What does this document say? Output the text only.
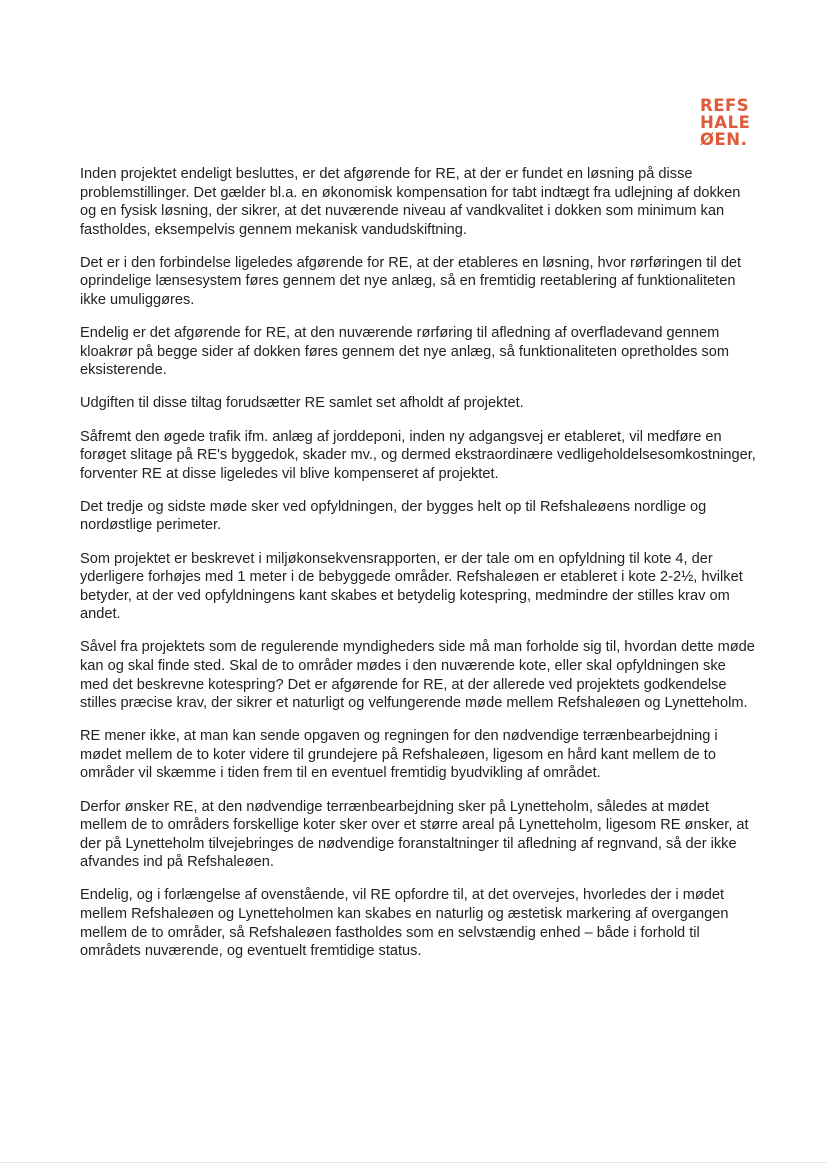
REFS
HALE
ØEN.

Inden projektet endeligt besluttes, er det afgørende for RE, at der er fundet en løsning på disse problemstillinger. Det gælder bl.a. en økonomisk kompensation for tabt indtægt fra udlejning af dokken og en fysisk løsning, der sikrer, at det nuværende niveau af vandkvalitet i dokken som minimum kan fastholdes, eksempelvis gennem mekanisk vandudskiftning.

Det er i den forbindelse ligeledes afgørende for RE, at der etableres en løsning, hvor rørføringen til det oprindelige lænsesystem føres gennem det nye anlæg, så en fremtidig reetablering af funktionaliteten ikke umuliggøres.

Endelig er det afgørende for RE, at den nuværende rørføring til afledning af overfladevand gennem kloakrør på begge sider af dokken føres gennem det nye anlæg, så funktionaliteten opretholdes som eksisterende.

Udgiften til disse tiltag forudsætter RE samlet set afholdt af projektet.

Såfremt den øgede trafik ifm. anlæg af jorddeponi, inden ny adgangsvej er etableret, vil medføre en forøget slitage på RE's byggedok, skader mv., og dermed ekstraordinære vedligeholdelsesomkostninger, forventer RE at disse ligeledes vil blive kompenseret af projektet.

Det tredje og sidste møde sker ved opfyldningen, der bygges helt op til Refshaleøens nordlige og nordøstlige perimeter.

Som projektet er beskrevet i miljøkonsekvensrapporten, er der tale om en opfyldning til kote 4, der yderligere forhøjes med 1 meter i de bebyggede områder. Refshaleøen er etableret i kote 2-2½, hvilket betyder, at der ved opfyldningens kant skabes et betydelig kotespring, medmindre der stilles krav om andet.

Såvel fra projektets som de regulerende myndigheders side må man forholde sig til, hvordan dette møde kan og skal finde sted. Skal de to områder mødes i den nuværende kote, eller skal opfyldningen ske med det beskrevne kotespring? Det er afgørende for RE, at der allerede ved projektets godkendelse stilles præcise krav, der sikrer et naturligt og velfungerende møde mellem Refshaleøen og Lynetteholm.

RE mener ikke, at man kan sende opgaven og regningen for den nødvendige terrænbearbejdning i mødet mellem de to koter videre til grundejere på Refshaleøen, ligesom en hård kant mellem de to områder vil skæmme i tiden frem til en eventuel fremtidig byudvikling af området.

Derfor ønsker RE, at den nødvendige terrænbearbejdning sker på Lynetteholm, således at mødet mellem de to områders forskellige koter sker over et større areal på Lynetteholm, ligesom RE ønsker, at der på Lynetteholm tilvejebringes de nødvendige foranstaltninger til afledning af regnvand, så der ikke afvandes ind på Refshaleøen.

Endelig, og i forlængelse af ovenstående, vil RE opfordre til, at det overvejes, hvorledes der i mødet mellem Refshaleøen og Lynetteholmen kan skabes en naturlig og æstetisk markering af overgangen mellem de to områder, så Refshaleøen fastholdes som en selvstændig enhed – både i forhold til områdets nuværende, og eventuelt fremtidige status.
